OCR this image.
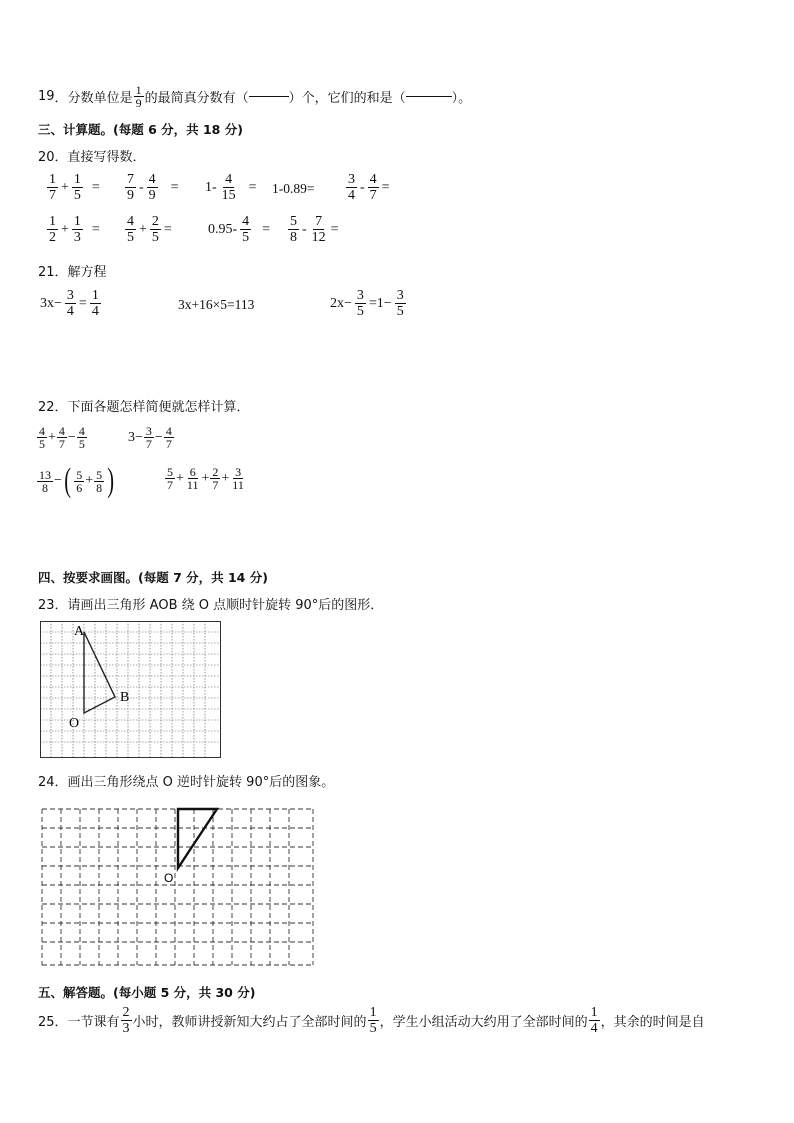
19 ． 分数单位是 $\frac{1}{9}$ 的最简真分数有（	）个，它们的和是（	）。
三、计算题。(每题 6 分，共 18 分)
20．直接写得数．
$\frac{1}{7} + \frac{1}{5} = \frac{7}{9} - \frac{4}{9} = 1- \frac{4}{15} = 1-0.89= \frac{3}{4} - \frac{4}{7}$ =
$\frac{1}{2} + \frac{1}{3} = \frac{4}{5} + \frac{2}{5}$ =	$0.95- \frac{4}{5} = \frac{5}{8} - \frac{7}{12}$ =
21．解方程
$3x- \frac{3}{4} = \frac{1}{4}$	3x+16×5=113	$2x- \frac{3}{5} =1- \frac{3}{5}$
22．下面各题怎样简便就怎样计算．
$\frac{4}{5} + \frac{4}{7} - \frac{4}{5}$	$3- \frac{3}{7} - \frac{4}{7}$
$\frac{13}{8}$ − ( $\frac{5}{6} + \frac{5}{8}$ )	$\frac{5}{7} + \frac{6}{11} + \frac{2}{7} + \frac{3}{11}$
四、按要求画图。(每题 7 分，共 14 分)
23．请画出三角形 AOB 绕 O 点顺时针旋转 90°后的图形．
A
B
O
24．画出三角形绕点 O 逆时针旋转 90°后的图象。
O
五、解答题。(每小题 5 分，共 30 分)
25．一节课有 $\frac{2}{3}$ 小时，教师讲授新知大约占了全部时间的 $\frac{1}{5}$ ，学生小组活动大约用了全部时间的 $\frac{1}{4}$ ，其余的时间是自
